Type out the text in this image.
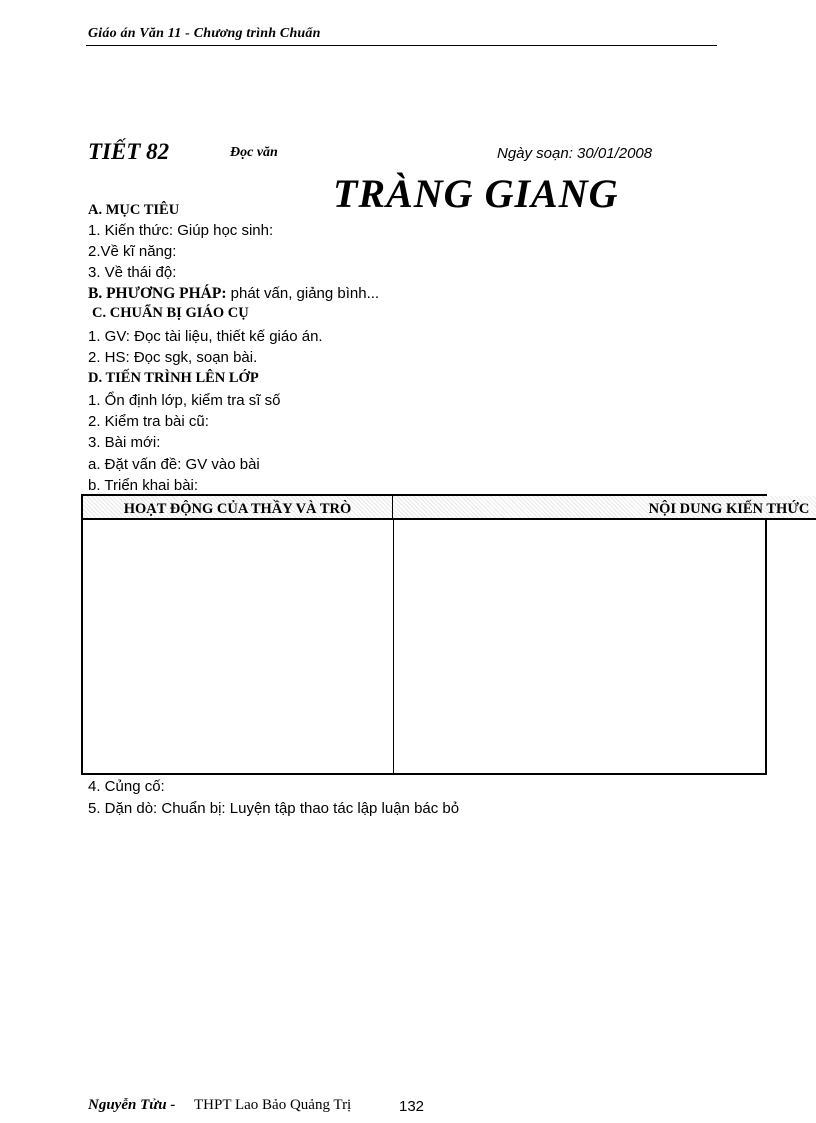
Giáo án Văn 11 - Chương trình Chuẩn
TIẾT 82	Đọc văn	Ngày soạn: 30/01/2008
TRÀNG GIANG
A. MỤC TIÊU
1. Kiến thức: Giúp học sinh:
2.Về kĩ năng:
3. Về thái độ:
B. PHƯƠNG PHÁP: phát vấn, giảng bình...
C. CHUẨN BỊ GIÁO CỤ
1. GV: Đọc tài liệu, thiết kế giáo án.
2. HS: Đọc sgk, soạn bài.
D. TIẾN TRÌNH LÊN LỚP
1. Ổn định lớp, kiểm tra sĩ số
2. Kiểm tra bài cũ:
3. Bài mới:
a. Đặt vấn đề: GV vào bài
b. Triển khai bài:
HOẠT ĐỘNG CỦA THẦY VÀ TRÒ	NỘI DUNG KIẾN THỨC
4. Củng cố:
5. Dặn dò: Chuẩn bị: Luyện tập thao tác lập luận bác bỏ
Nguyễn Tửu - THPT Lao Bảo Quảng Trị	132
